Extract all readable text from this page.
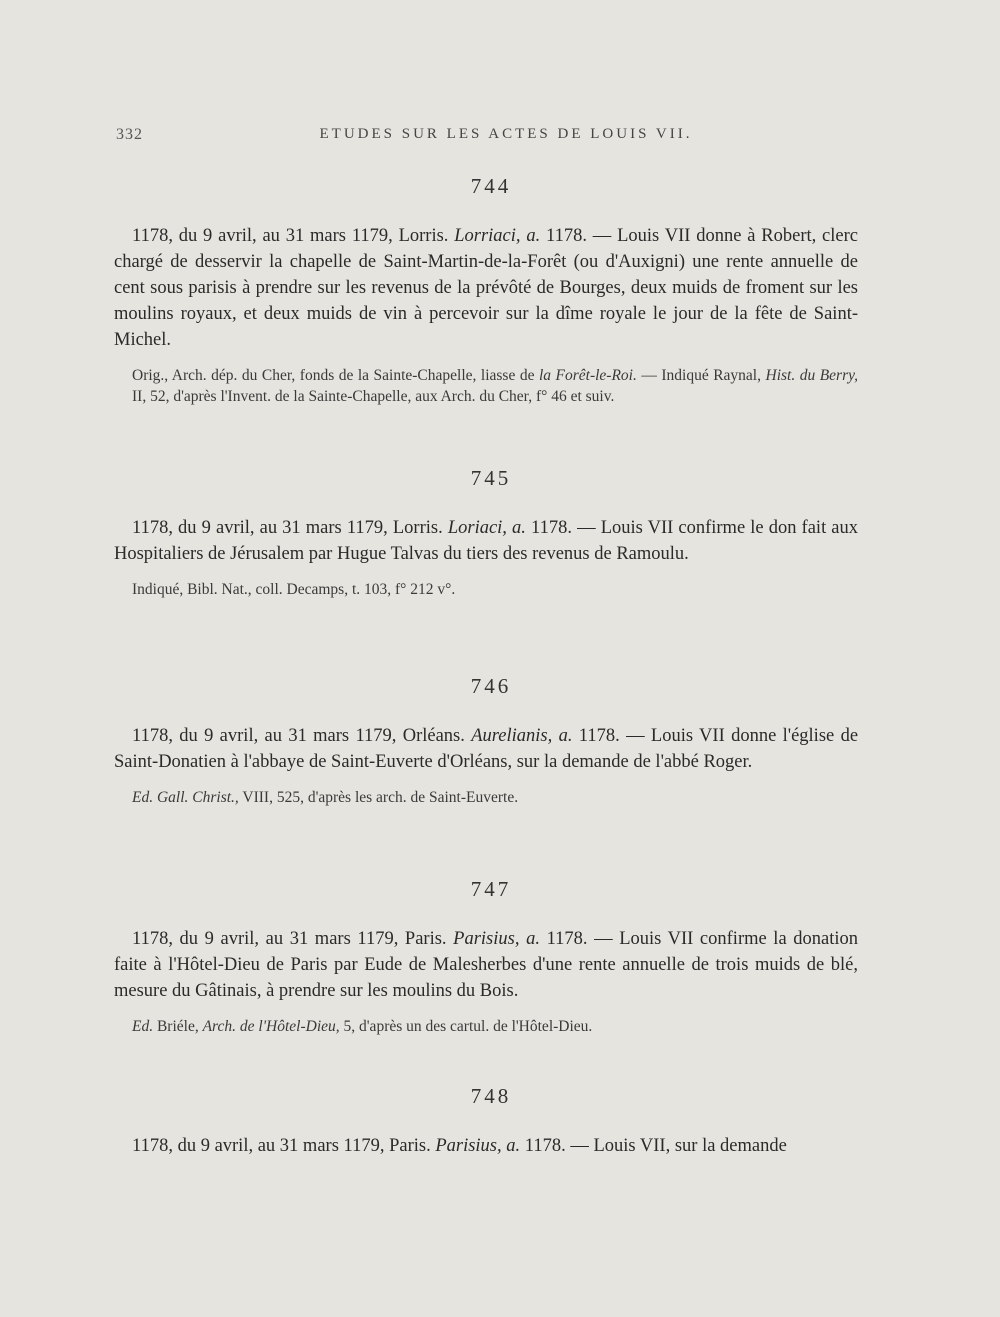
332	ETUDES SUR LES ACTES DE LOUIS VII.
744

1178, du 9 avril, au 31 mars 1179, Lorris. Lorriaci, a. 1178. — Louis VII donne à Robert, clerc chargé de desservir la chapelle de Saint-Martin-de-la-Forêt (ou d'Auxigni) une rente annuelle de cent sous parisis à prendre sur les revenus de la prévôté de Bourges, deux muids de froment sur les moulins royaux, et deux muids de vin à percevoir sur la dîme royale le jour de la fête de Saint-Michel.

Orig., Arch. dép. du Cher, fonds de la Sainte-Chapelle, liasse de la Forêt-le-Roi. — Indiqué Raynal, Hist. du Berry, II, 52, d'après l'Invent. de la Sainte-Chapelle, aux Arch. du Cher, f° 46 et suiv.

745

1178, du 9 avril, au 31 mars 1179, Lorris. Loriaci, a. 1178. — Louis VII confirme le don fait aux Hospitaliers de Jérusalem par Hugue Talvas du tiers des revenus de Ramoulu.

Indiqué, Bibl. Nat., coll. Decamps, t. 103, f° 212 v°.

746

1178, du 9 avril, au 31 mars 1179, Orléans. Aurelianis, a. 1178. — Louis VII donne l'église de Saint-Donatien à l'abbaye de Saint-Euverte d'Orléans, sur la demande de l'abbé Roger.

Ed. Gall. Christ., VIII, 525, d'après les arch. de Saint-Euverte.

747

1178, du 9 avril, au 31 mars 1179, Paris. Parisius, a. 1178. — Louis VII confirme la donation faite à l'Hôtel-Dieu de Paris par Eude de Malesherbes d'une rente annuelle de trois muids de blé, mesure du Gâtinais, à prendre sur les moulins du Bois.

Ed. Briéle, Arch. de l'Hôtel-Dieu, 5, d'après un des cartul. de l'Hôtel-Dieu.

748

1178, du 9 avril, au 31 mars 1179, Paris. Parisius, a. 1178. — Louis VII, sur la demande
